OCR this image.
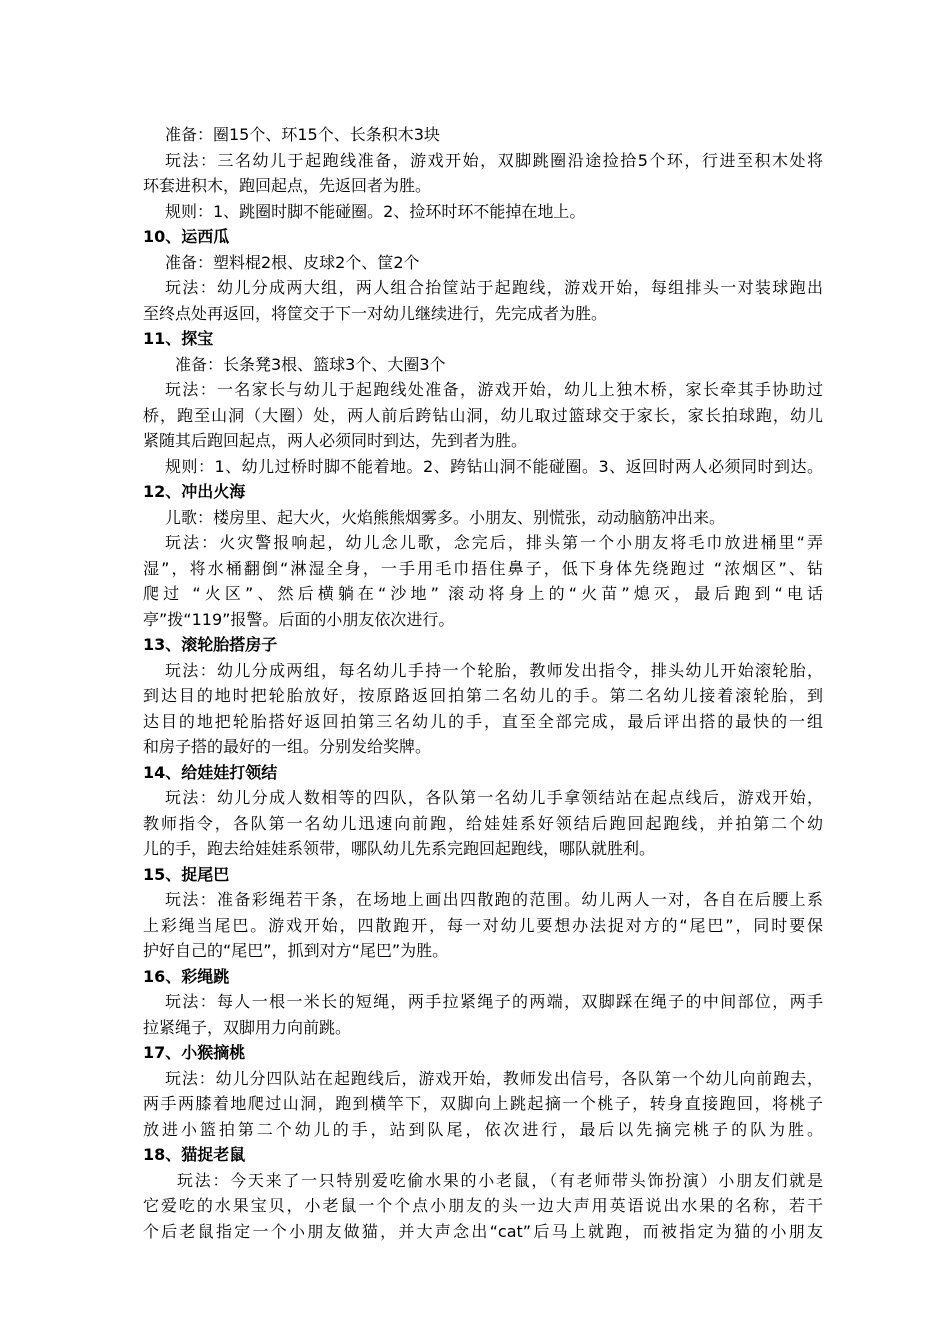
准备：圈15个、环15个、长条积木3块
玩法：三名幼儿于起跑线准备，游戏开始，双脚跳圈沿途捡拾5个环，行进至积木处将
环套进积木，跑回起点，先返回者为胜。
规则：1、跳圈时脚不能碰圈。2、捡环时环不能掉在地上。
10、运西瓜
准备：塑料棍2根、皮球2个、筐2个
玩法：幼儿分成两大组，两人组合抬筐站于起跑线，游戏开始，每组排头一对装球跑出
至终点处再返回，将筐交于下一对幼儿继续进行，先完成者为胜。
11、探宝
准备：长条凳3根、篮球3个、大圈3个
玩法：一名家长与幼儿于起跑线处准备，游戏开始，幼儿上独木桥，家长牵其手协助过
桥，跑至山洞（大圈）处，两人前后跨钻山洞，幼儿取过篮球交于家长，家长拍球跑，幼儿
紧随其后跑回起点，两人必须同时到达，先到者为胜。
规则：1、幼儿过桥时脚不能着地。2、跨钻山洞不能碰圈。3、返回时两人必须同时到达。
12、冲出火海
儿歌：楼房里、起大火，火焰熊熊烟雾多。小朋友、别慌张，动动脑筋冲出来。
玩法：火灾警报响起，幼儿念儿歌，念完后，排头第一个小朋友将毛巾放进桶里“弄
湿”，将水桶翻倒“淋湿全身，一手用毛巾捂住鼻子，低下身体先绕跑过 “浓烟区”、钻
爬过 “火区”、然后横躺在“沙地” 滚动将身上的“火苗”熄灭，最后跑到“电话
亭”拨“119”报警。后面的小朋友依次进行。
13、滚轮胎搭房子
玩法：幼儿分成两组，每名幼儿手持一个轮胎，教师发出指令，排头幼儿开始滚轮胎，
到达目的地时把轮胎放好，按原路返回拍第二名幼儿的手。第二名幼儿接着滚轮胎，到
达目的地把轮胎搭好返回拍第三名幼儿的手，直至全部完成，最后评出搭的最快的一组
和房子搭的最好的一组。分别发给奖牌。
14、给娃娃打领结
玩法：幼儿分成人数相等的四队，各队第一名幼儿手拿领结站在起点线后，游戏开始，
教师指令，各队第一名幼儿迅速向前跑，给娃娃系好领结后跑回起跑线，并拍第二个幼
儿的手，跑去给娃娃系领带，哪队幼儿先系完跑回起跑线，哪队就胜利。
15、捉尾巴
玩法：准备彩绳若干条，在场地上画出四散跑的范围。幼儿两人一对，各自在后腰上系
上彩绳当尾巴。游戏开始，四散跑开，每一对幼儿要想办法捉对方的“尾巴”，同时要保
护好自己的“尾巴”，抓到对方“尾巴”为胜。
16、彩绳跳
玩法：每人一根一米长的短绳，两手拉紧绳子的两端，双脚踩在绳子的中间部位，两手
拉紧绳子，双脚用力向前跳。
17、小猴摘桃
玩法：幼儿分四队站在起跑线后，游戏开始，教师发出信号，各队第一个幼儿向前跑去，
两手两膝着地爬过山洞，跑到横竿下，双脚向上跳起摘一个桃子，转身直接跑回，将桃子
放进小篮拍第二个幼儿的手，站到队尾，依次进行，最后以先摘完桃子的队为胜。
18、猫捉老鼠
玩法：今天来了一只特别爱吃偷水果的小老鼠，（有老师带头饰扮演）小朋友们就是
它爱吃的水果宝贝，小老鼠一个个点小朋友的头一边大声用英语说出水果的名称，若干
个后老鼠指定一个小朋友做猫，并大声念出“cat”后马上就跑，而被指定为猫的小朋友
